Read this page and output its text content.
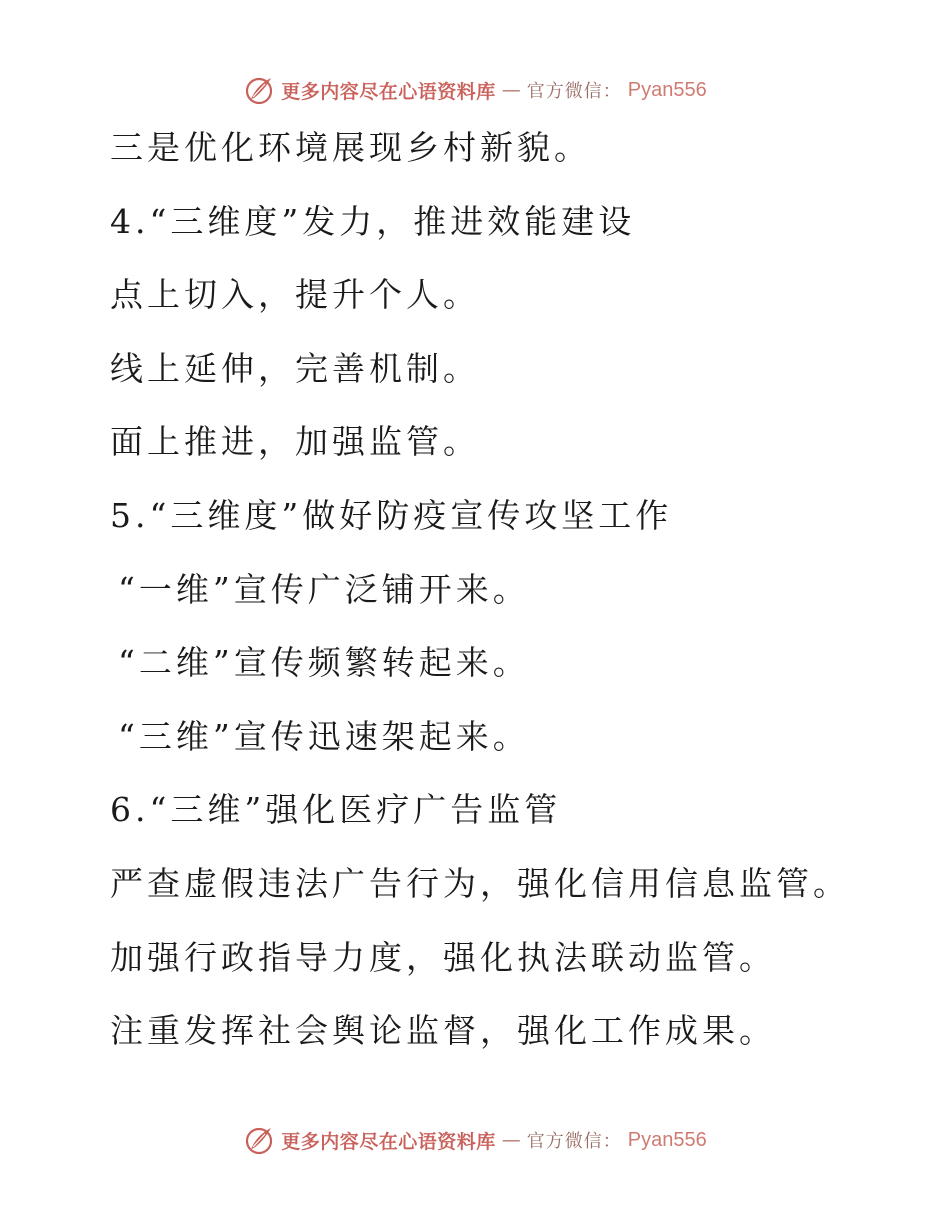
更多内容尽在心语资料库 — 官方微信： Pyan556
三是优化环境展现乡村新貌。
4.“三维度”发力，推进效能建设
点上切入，提升个人。
线上延伸，完善机制。
面上推进，加强监管。
5.“三维度”做好防疫宣传攻坚工作
“一维”宣传广泛铺开来。
“二维”宣传频繁转起来。
“三维”宣传迅速架起来。
6.“三维”强化医疗广告监管
严查虚假违法广告行为，强化信用信息监管。
加强行政指导力度，强化执法联动监管。
注重发挥社会舆论监督，强化工作成果。
更多内容尽在心语资料库 — 官方微信： Pyan556
